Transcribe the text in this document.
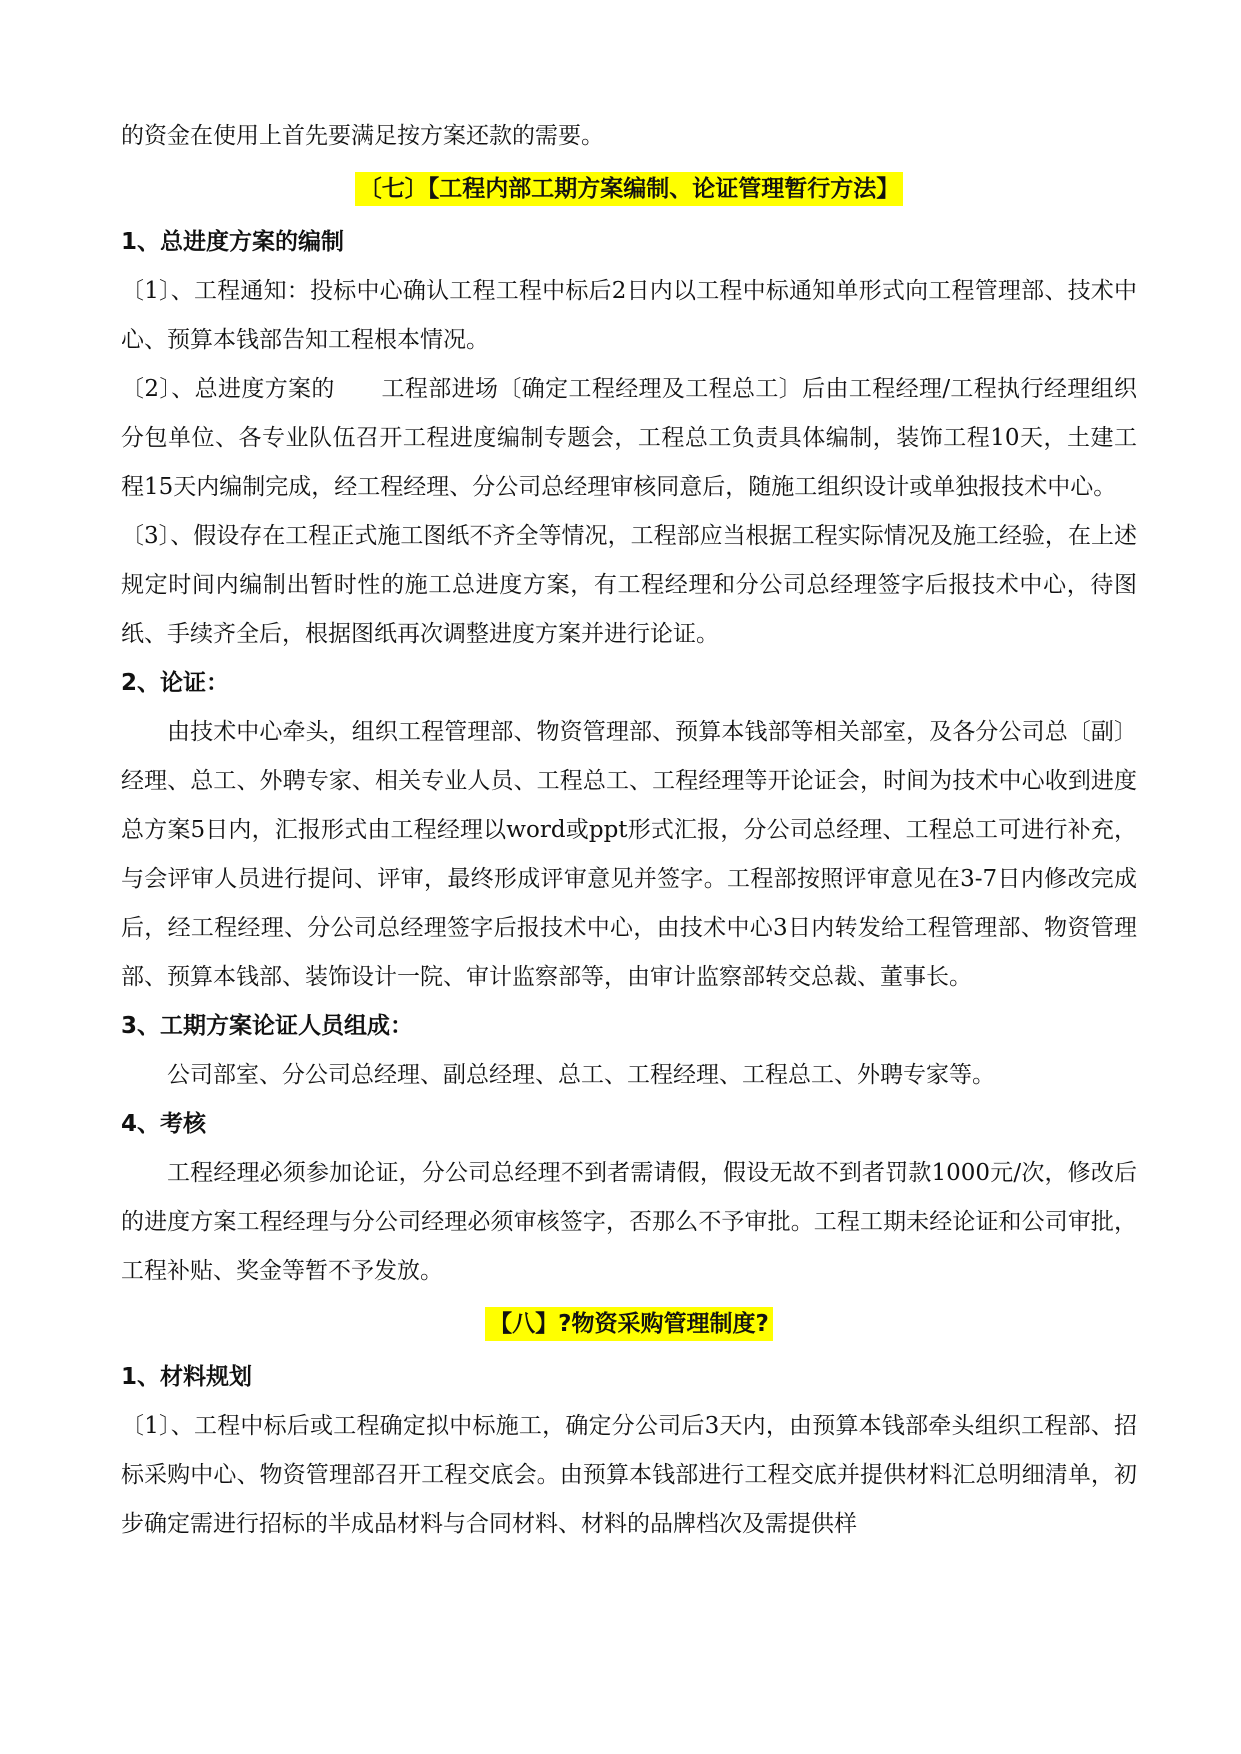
的资金在使用上首先要满足按方案还款的需要。

〔七〕【工程内部工期方案编制、论证管理暂行方法】

1、总进度方案的编制

〔1〕、工程通知：投标中心确认工程工程中标后2日内以工程中标通知单形式向工程管理部、技术中心、预算本钱部告知工程根本情况。

〔2〕、总进度方案的　　工程部进场〔确定工程经理及工程总工〕后由工程经理/工程执行经理组织分包单位、各专业队伍召开工程进度编制专题会，工程总工负责具体编制，装饰工程10天，土建工程15天内编制完成，经工程经理、分公司总经理审核同意后，随施工组织设计或单独报技术中心。

〔3〕、假设存在工程正式施工图纸不齐全等情况，工程部应当根据工程实际情况及施工经验，在上述规定时间内编制出暂时性的施工总进度方案，有工程经理和分公司总经理签字后报技术中心，待图纸、手续齐全后，根据图纸再次调整进度方案并进行论证。

2、论证：

由技术中心牵头，组织工程管理部、物资管理部、预算本钱部等相关部室，及各分公司总〔副〕经理、总工、外聘专家、相关专业人员、工程总工、工程经理等开论证会，时间为技术中心收到进度总方案5日内，汇报形式由工程经理以word或ppt形式汇报，分公司总经理、工程总工可进行补充，与会评审人员进行提问、评审，最终形成评审意见并签字。工程部按照评审意见在3-7日内修改完成后，经工程经理、分公司总经理签字后报技术中心，由技术中心3日内转发给工程管理部、物资管理部、预算本钱部、装饰设计一院、审计监察部等，由审计监察部转交总裁、董事长。

3、工期方案论证人员组成：

公司部室、分公司总经理、副总经理、总工、工程经理、工程总工、外聘专家等。

4、考核

工程经理必须参加论证，分公司总经理不到者需请假，假设无故不到者罚款1000元/次，修改后的进度方案工程经理与分公司经理必须审核签字，否那么不予审批。工程工期未经论证和公司审批，工程补贴、奖金等暂不予发放。

【八】?物资采购管理制度?

1、材料规划

〔1〕、工程中标后或工程确定拟中标施工，确定分公司后3天内，由预算本钱部牵头组织工程部、招标采购中心、物资管理部召开工程交底会。由预算本钱部进行工程交底并提供材料汇总明细清单，初步确定需进行招标的半成品材料与合同材料、材料的品牌档次及需提供样
